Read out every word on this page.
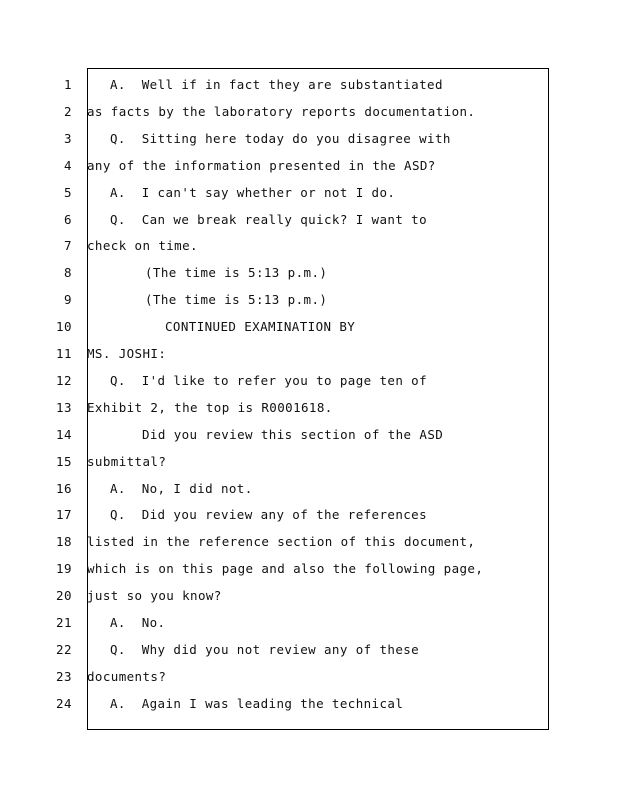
1	A.  Well if in fact they are substantiated
2 as facts by the laboratory reports documentation.
3	Q.  Sitting here today do you disagree with
4 any of the information presented in the ASD?
5	A.  I can't say whether or not I do.
6	Q.  Can we break really quick? I want to
7 check on time.
8	(The time is 5:13 p.m.)
9	(The time is 5:13 p.m.)
10	CONTINUED EXAMINATION BY
11 MS. JOSHI:
12	Q.  I'd like to refer you to page ten of
13 Exhibit 2, the top is R0001618.
14	Did you review this section of the ASD
15 submittal?
16	A.  No, I did not.
17	Q.  Did you review any of the references
18 listed in the reference section of this document,
19 which is on this page and also the following page,
20 just so you know?
21	A.  No.
22	Q.  Why did you not review any of these
23 documents?
24	A.  Again I was leading the technical
